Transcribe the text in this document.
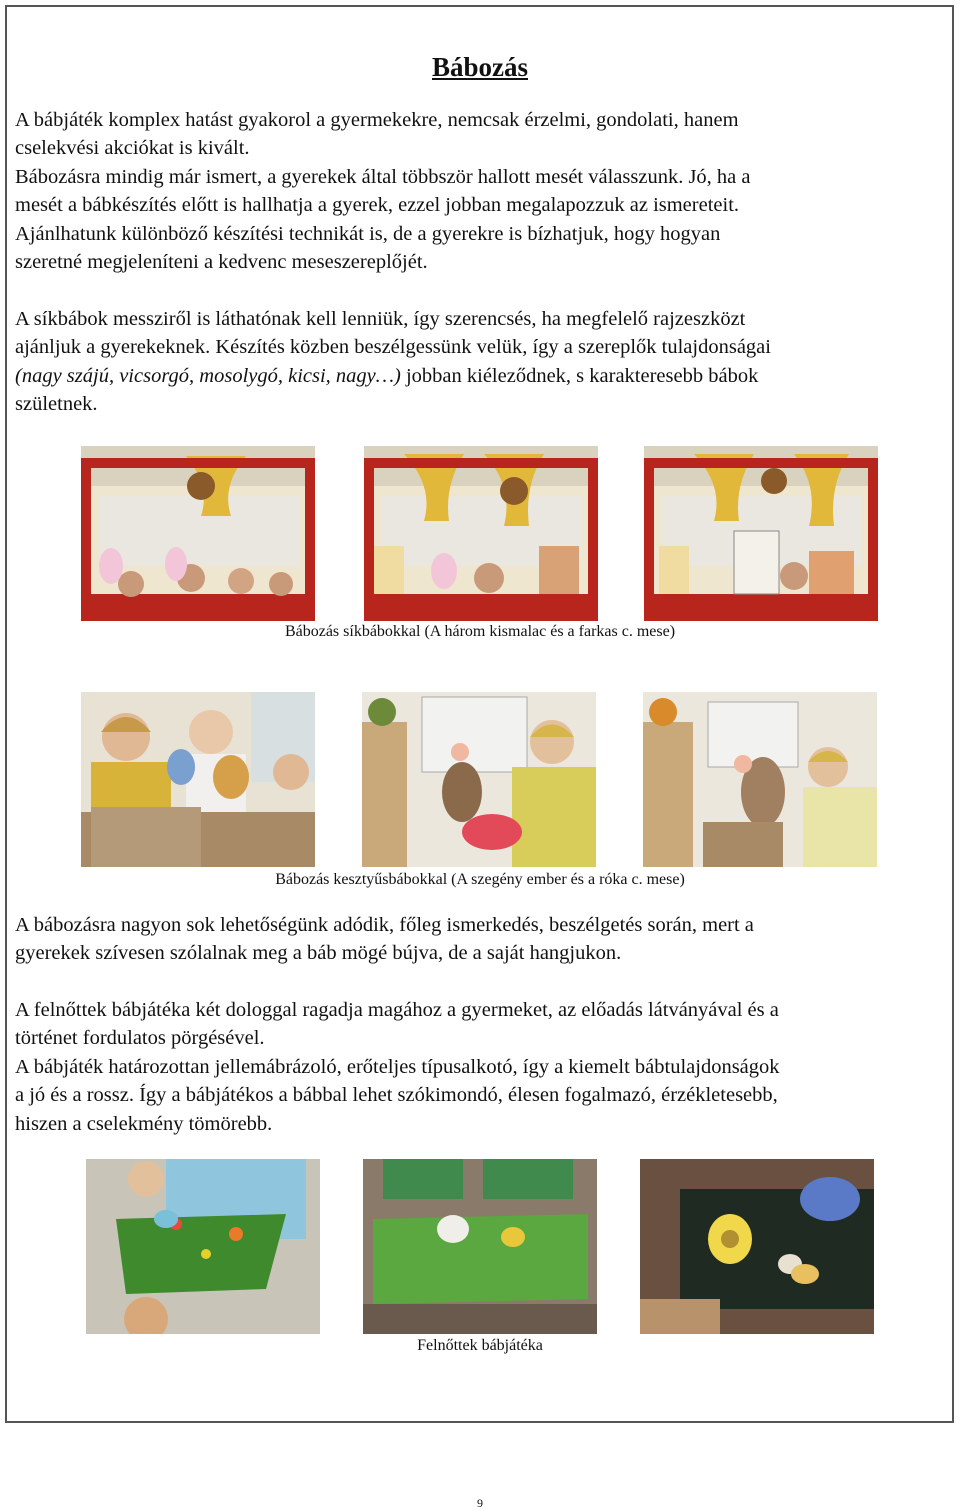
Bábozás
A bábjáték komplex hatást gyakorol a gyermekekre, nemcsak érzelmi, gondolati, hanem
cselekvési akciókat is kivált.
Bábozásra mindig már ismert, a gyerekek által többször hallott mesét válasszunk. Jó, ha a
mesét a bábkészítés előtt is hallhatja a gyerek, ezzel jobban megalapozzuk az ismereteit.
Ajánlhatunk különböző készítési technikát is, de a gyerekre is bízhatjuk, hogy hogyan
szeretné megjeleníteni a kedvenc meseszereplőjét.
A síkbábok messziről is láthatónak kell lenniük, így szerencsés, ha megfelelő rajzeszközt
ajánljuk a gyerekeknek. Készítés közben beszélgessünk velük, így a szereplők tulajdonságai
(nagy szájú, vicsorgó, mosolygó, kicsi, nagy…) jobban kiéleződnek, s karakteresebb bábok
születnek.

Bábozás síkbábokkal (A három kismalac és a farkas c. mese)

Bábozás kesztyűsbábokkal (A szegény ember és a róka c. mese)

A bábozásra nagyon sok lehetőségünk adódik, főleg ismerkedés, beszélgetés során, mert a
gyerekek szívesen szólalnak meg a báb mögé bújva, de a saját hangjukon.
A felnőttek bábjátéka két dologgal ragadja magához a gyermeket, az előadás látványával és a
történet fordulatos pörgésével.
A bábjáték határozottan jellemábrázoló, erőteljes típusalkotó, így a kiemelt bábtulajdonságok
a jó és a rossz. Így a bábjátékos a bábbal lehet szókimondó, élesen fogalmazó, érzékletesebb,
hiszen a cselekmény tömörebb.

Felnőttek bábjátéka

9
